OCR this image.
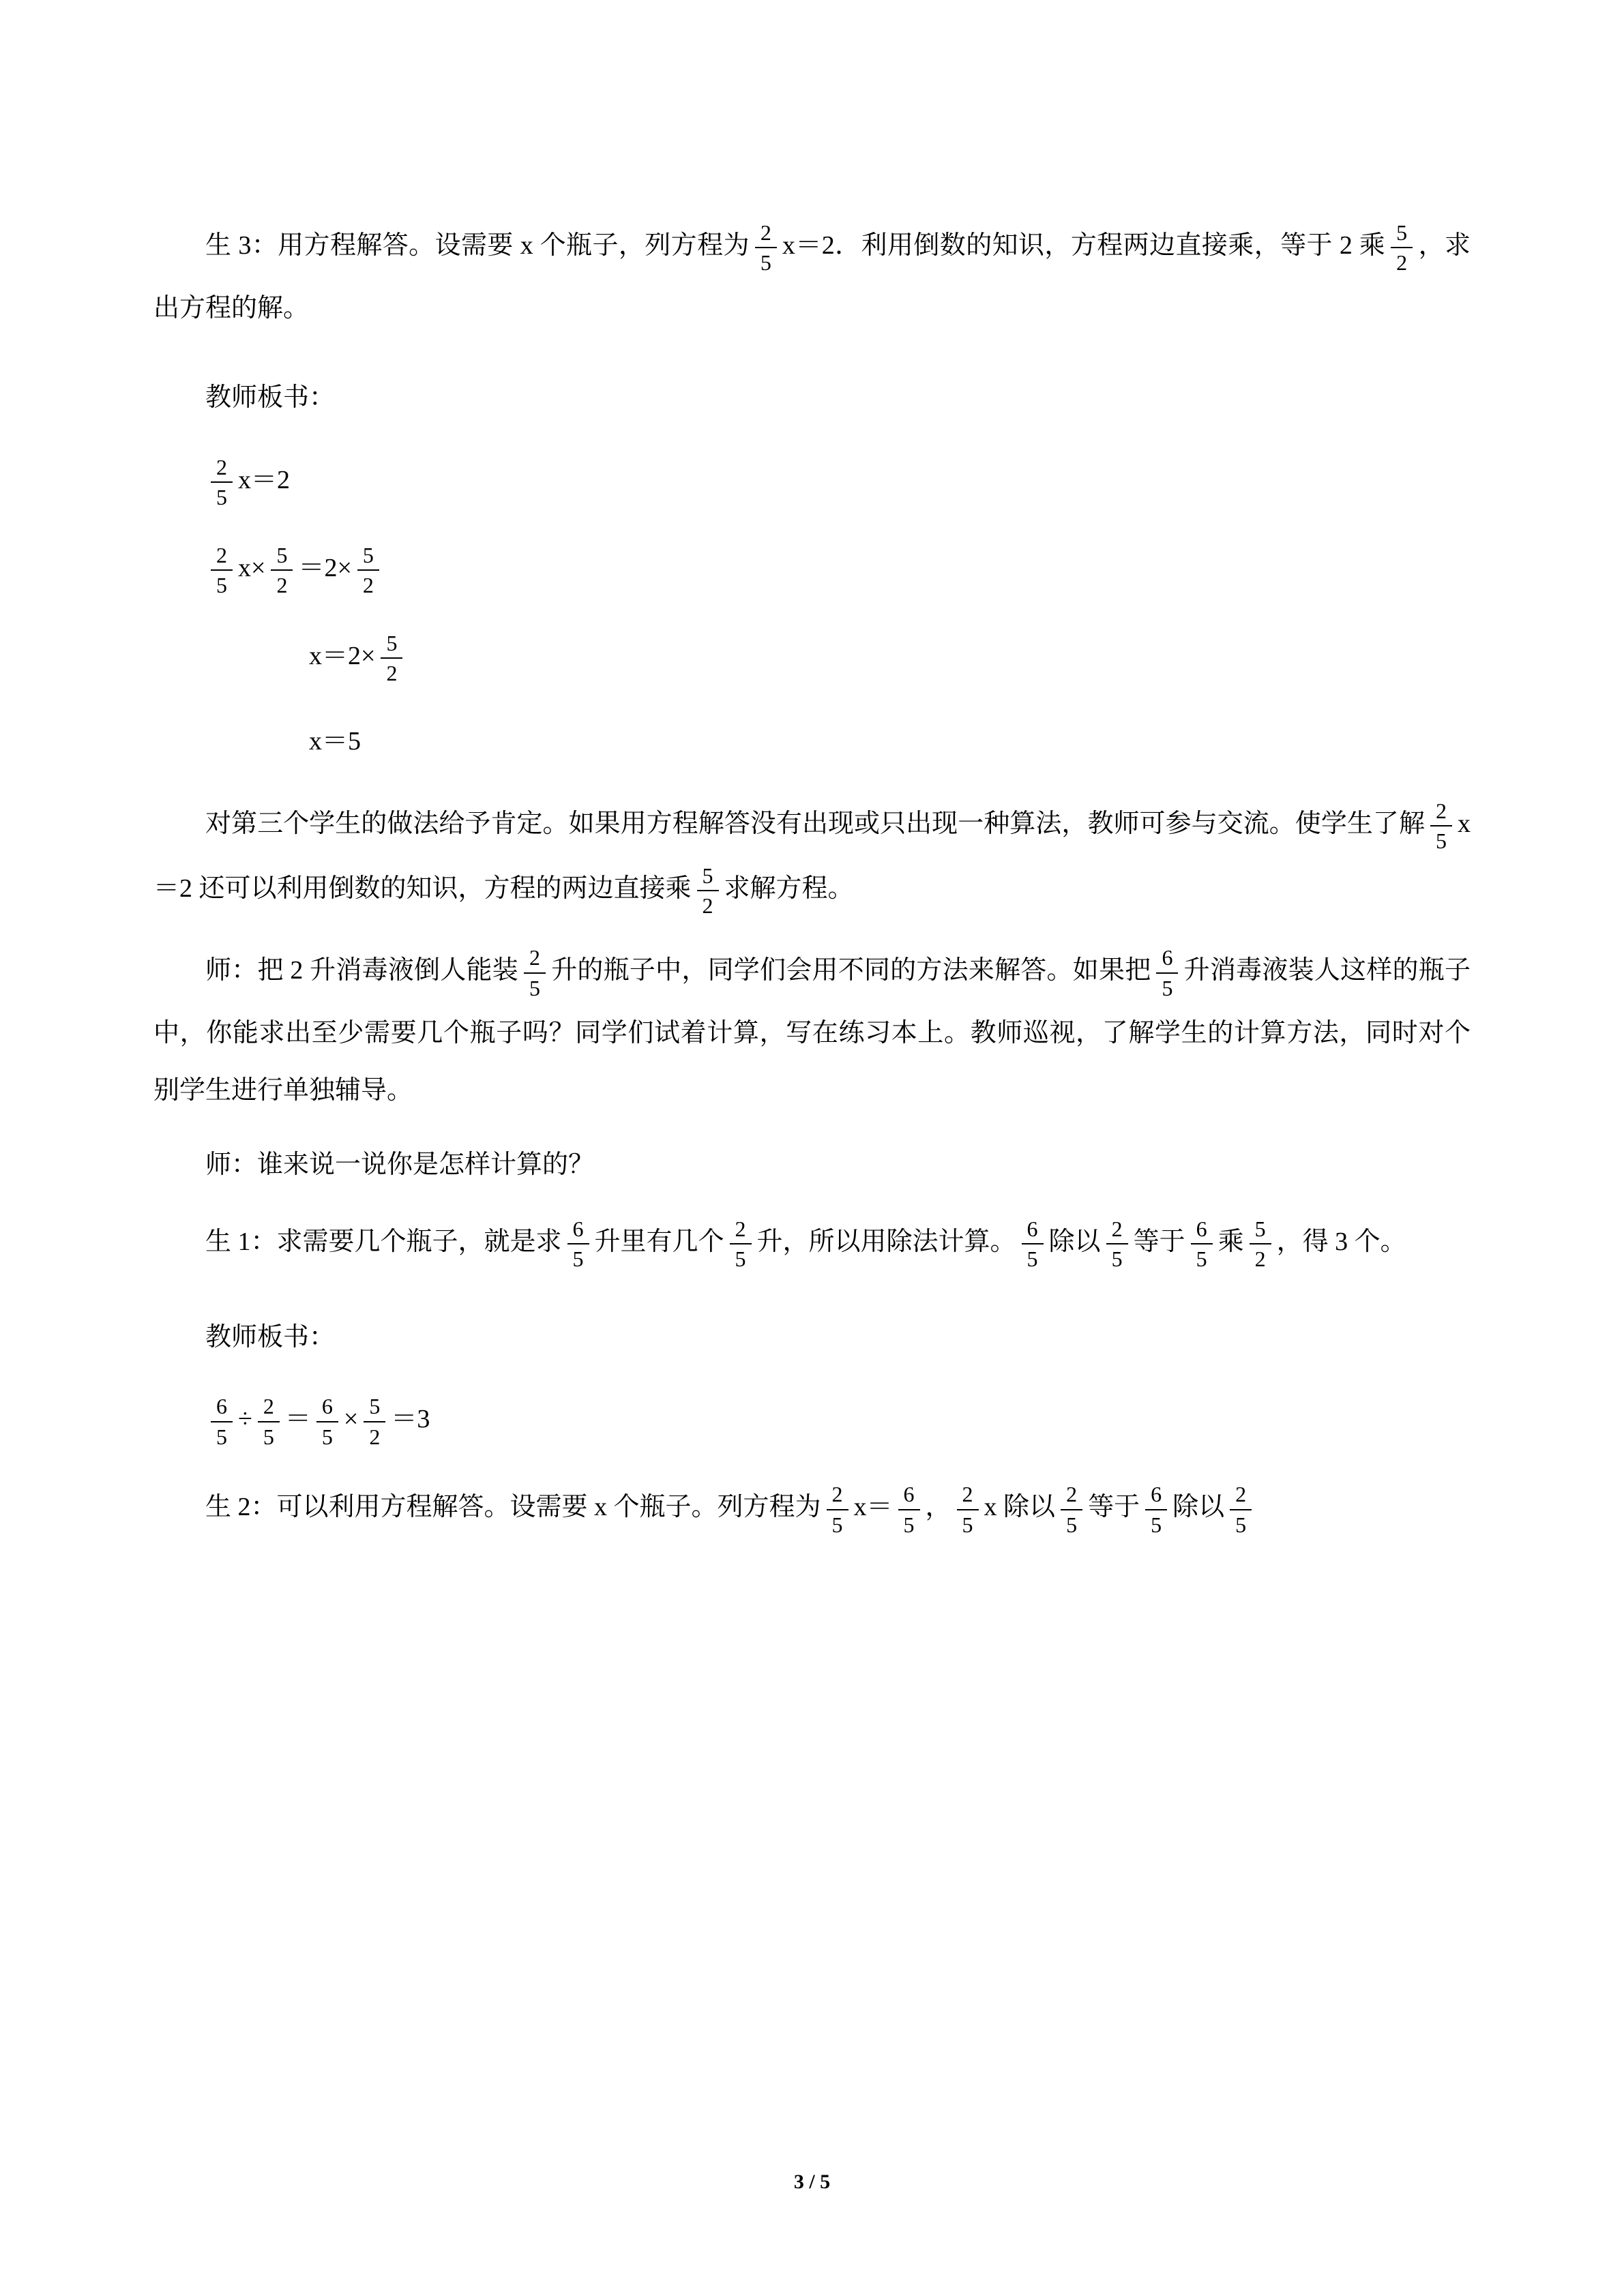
生 3：用方程解答。设需要 x 个瓶子，列方程为 $\frac{2}{5} x=2$．利用倒数的知识，方程两边直接乘，等于 2 乘 $\frac{5}{2}$ ，求出方程的解。
教师板书：
$\frac{2}{5} x=2$
$\frac{2}{5} x\times \frac{5}{2} =2\times \frac{5}{2}$
$x=2\times \frac{5}{2}$
x＝5
对第三个学生的做法给予肯定。如果用方程解答没有出现或只出现一种算法，教师可参与交流。使学生了解 $\frac{2}{5} x=2$ 还可以利用倒数的知识，方程的两边直接乘 $\frac{5}{2}$ 求解方程。
师：把 2 升消毒液倒人能装 $\frac{2}{5}$ 升的瓶子中，同学们会用不同的方法来解答。如果把 $\frac{6}{5}$ 升消毒液装人这样的瓶子中，你能求出至少需要几个瓶子吗？同学们试着计算，写在练习本上。教师巡视，了解学生的计算方法，同时对个别学生进行单独辅导。
师：谁来说一说你是怎样计算的？
生 1：求需要几个瓶子，就是求 $\frac{6}{5}$ 升里有几个 $\frac{2}{5}$ 升，所以用除法计算。 $\frac{6}{5}$ 除以 $\frac{2}{5}$ 等于 $\frac{6}{5}$ 乘 $\frac{5}{2}$ ，得 3 个。
教师板书：
$\frac{6}{5} \div \frac{2}{5} = \frac{6}{5} \times \frac{5}{2} =3$
生 2：可以利用方程解答。设需要 x 个瓶子。列方程为 $\frac{2}{5} x= \frac{6}{5}$ ， $\frac{2}{5}$ x 除以 $\frac{2}{5}$ 等于 $\frac{6}{5}$ 除以 $\frac{2}{5}$
3 / 5
